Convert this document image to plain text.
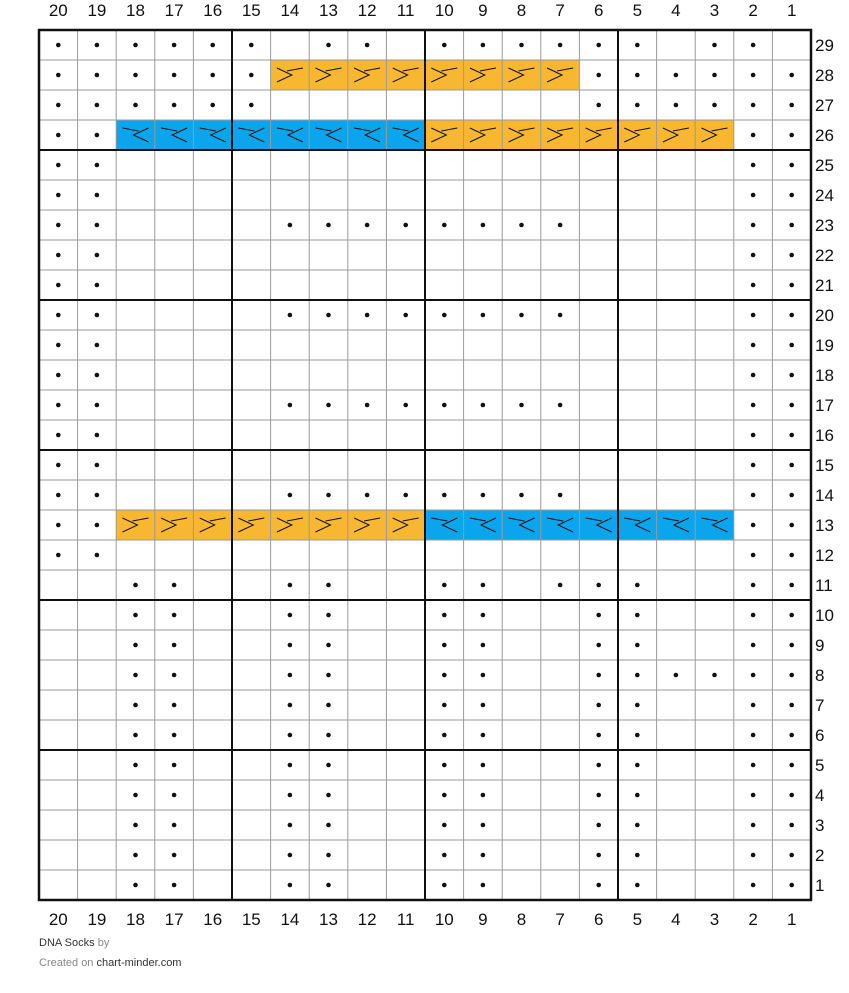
20
20
19
19
18
18
17
17
16
16
15
15
14
14
13
13
12
12
11
11
10
10
9
9
8
8
7
7
6
6
5
5
4
4
3
3
2
2
1
1
29
28
27
26
25
24
23
22
21
20
19
18
17
16
15
14
13
12
11
10
9
8
7
6
5
4
3
2
1
DNA Socks by
Created on chart-minder.com
